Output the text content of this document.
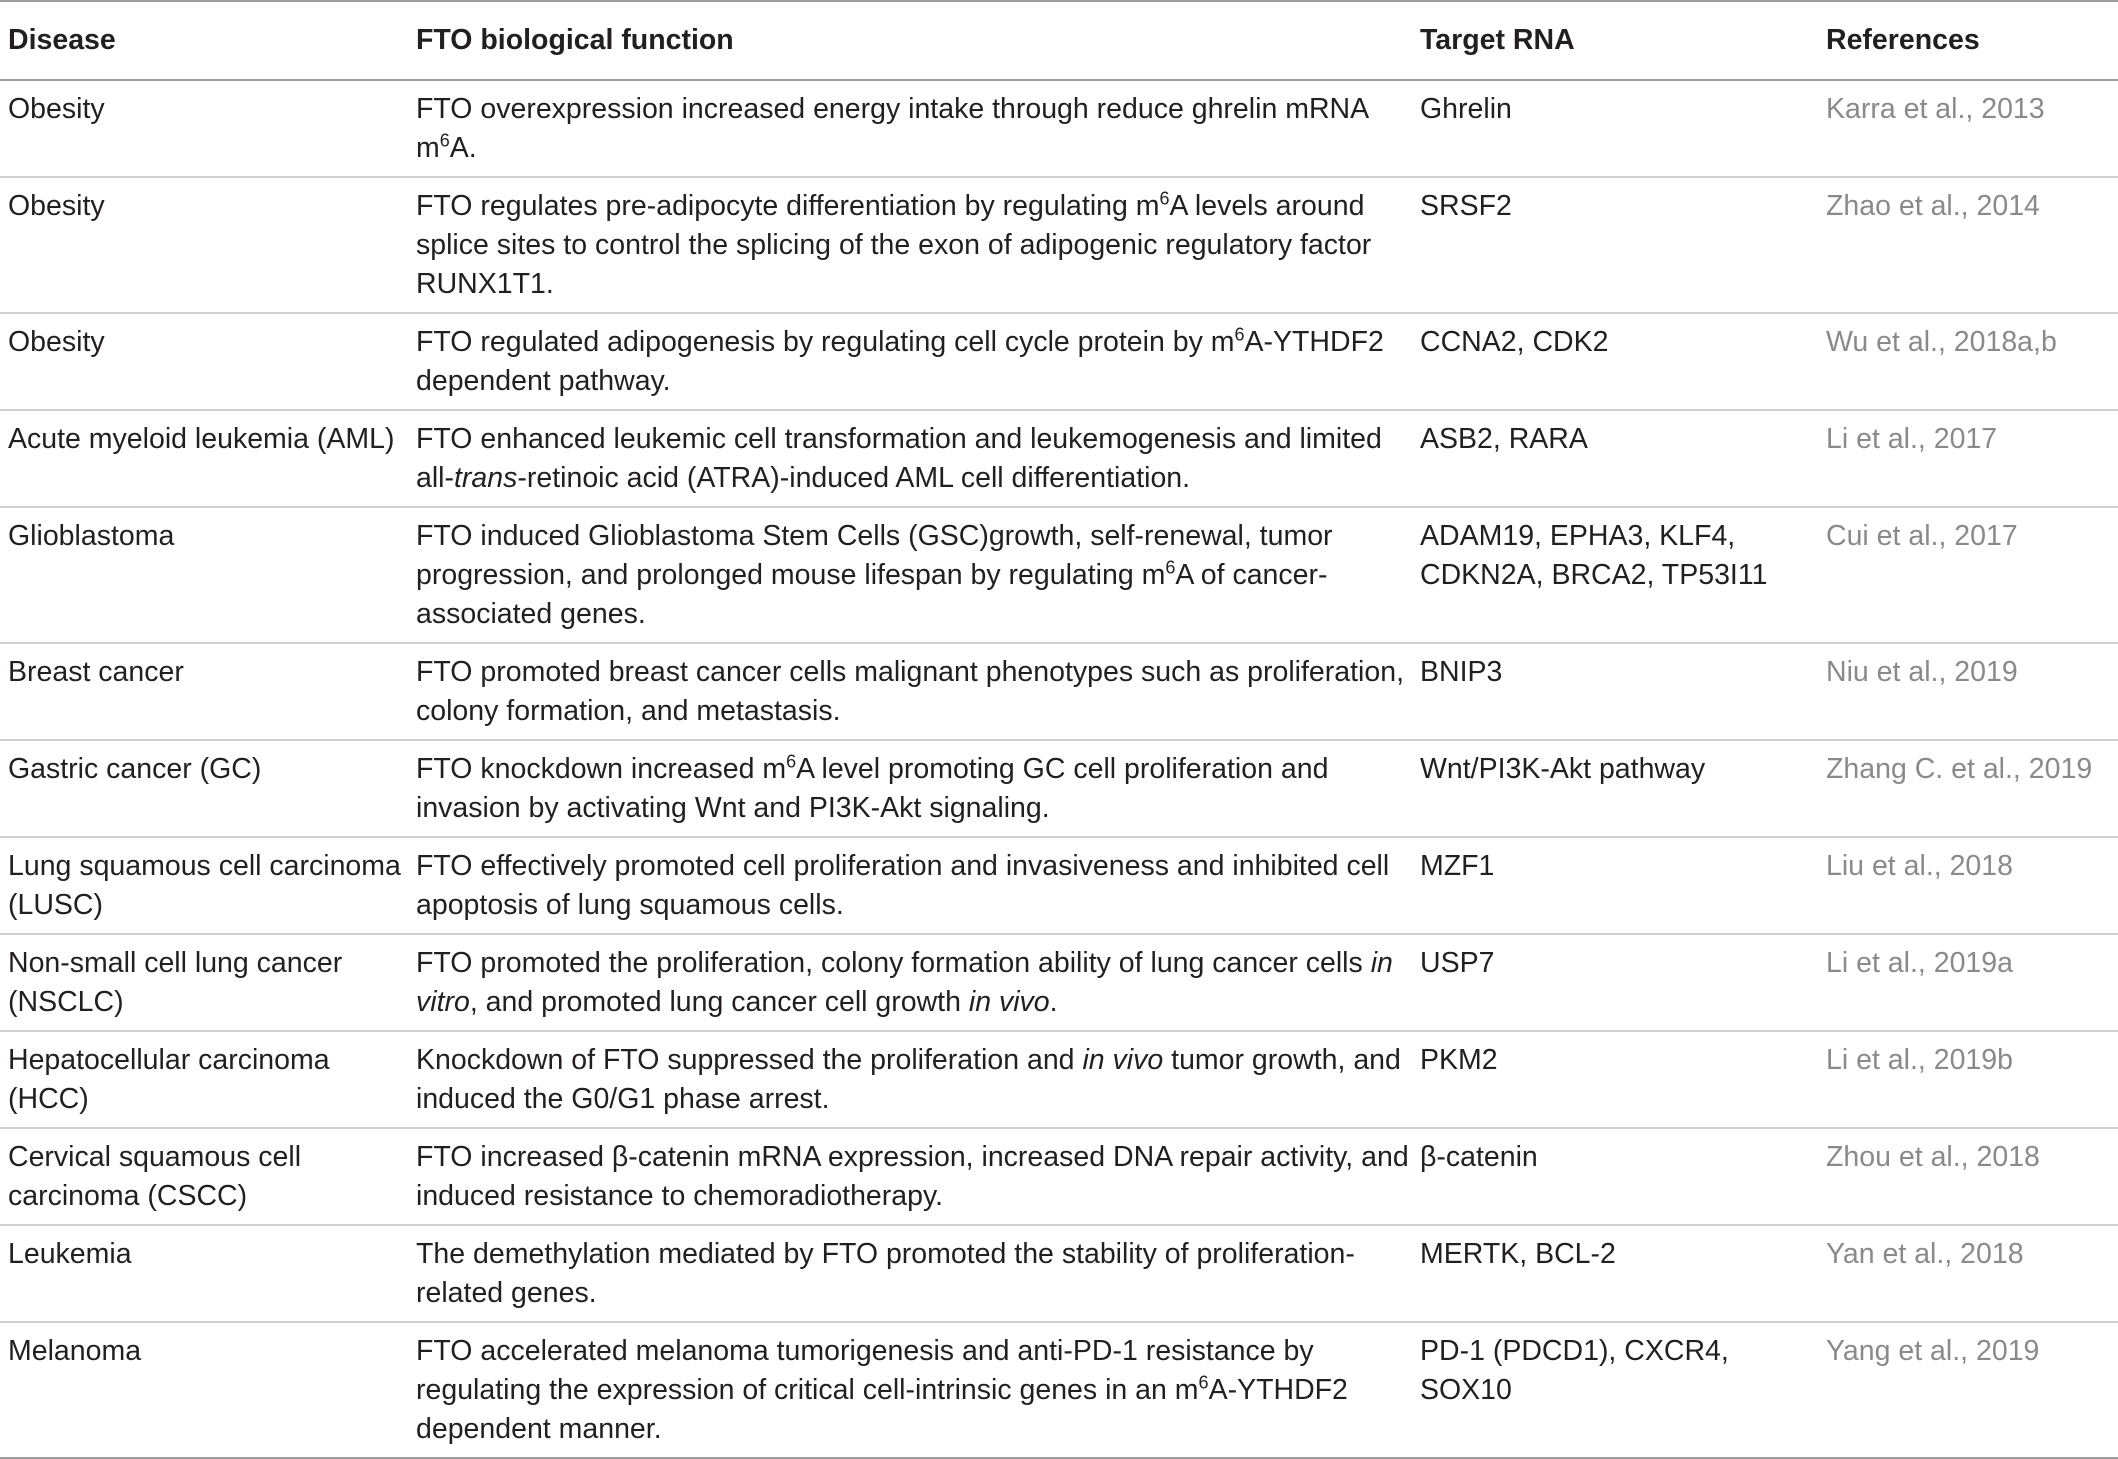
Disease	FTO biological function	Target RNA	References
Obesity	FTO overexpression increased energy intake through reduce ghrelin mRNA $m^6A$.	Ghrelin	Karra et al., 2013
Obesity	FTO regulates pre-adipocyte differentiation by regulating $m^6A$ levels around splice sites to control the splicing of the exon of adipogenic regulatory factor RUNX1T1.	SRSF2	Zhao et al., 2014
Obesity	FTO regulated adipogenesis by regulating cell cycle protein by $m^6A-YTHDF2$ dependent pathway.	CCNA2, CDK2	Wu et al., 2018a,b
Acute myeloid leukemia (AML)	FTO enhanced leukemic cell transformation and leukemogenesis and limited all-trans-retinoic acid (ATRA)-induced AML cell differentiation.	ASB2, RARA	Li et al., 2017
Glioblastoma	FTO induced Glioblastoma Stem Cells (GSC)growth, self-renewal, tumor progression, and prolonged mouse lifespan by regulating $m^6A$ of cancer-associated genes.	ADAM19, EPHA3, KLF4, CDKN2A, BRCA2, TP53I11	Cui et al., 2017
Breast cancer	FTO promoted breast cancer cells malignant phenotypes such as proliferation, colony formation, and metastasis.	BNIP3	Niu et al., 2019
Gastric cancer (GC)	FTO knockdown increased $m^6A$ level promoting GC cell proliferation and invasion by activating Wnt and PI3K-Akt signaling.	Wnt/PI3K-Akt pathway	Zhang C. et al., 2019
Lung squamous cell carcinoma (LUSC)	FTO effectively promoted cell proliferation and invasiveness and inhibited cell apoptosis of lung squamous cells.	MZF1	Liu et al., 2018
Non-small cell lung cancer (NSCLC)	FTO promoted the proliferation, colony formation ability of lung cancer cells in vitro, and promoted lung cancer cell growth in vivo.	USP7	Li et al., 2019a
Hepatocellular carcinoma (HCC)	Knockdown of FTO suppressed the proliferation and in vivo tumor growth, and induced the G0/G1 phase arrest.	PKM2	Li et al., 2019b
Cervical squamous cell carcinoma (CSCC)	FTO increased β-catenin mRNA expression, increased DNA repair activity, and induced resistance to chemoradiotherapy.	β-catenin	Zhou et al., 2018
Leukemia	The demethylation mediated by FTO promoted the stability of proliferation-related genes.	MERTK, BCL-2	Yan et al., 2018
Melanoma	FTO accelerated melanoma tumorigenesis and anti-PD-1 resistance by regulating the expression of critical cell-intrinsic genes in an $m^6A-YTHDF2$ dependent manner.	PD-1 (PDCD1), CXCR4, SOX10	Yang et al., 2019
